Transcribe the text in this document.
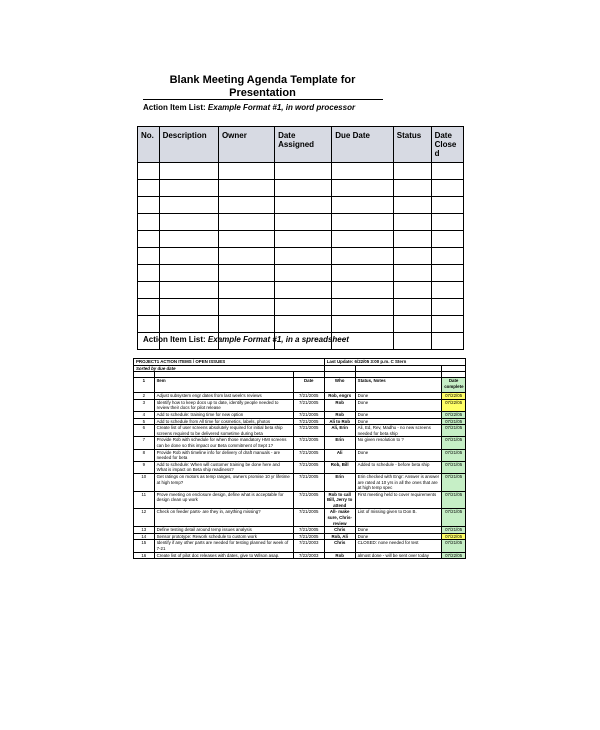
Blank Meeting Agenda Template for
Presentation
Action Item List: Example Format #1, in word processor
No.	Description	Owner	Date Assigned	Due Date	Status	Date Close d

Action Item List: Example Format #1, in a spreadsheet
PROJECT1 ACTION ITEMS / OPEN ISSUES			Last Update: 6/22/05 3:00 p.m. C Stern		
Sorted by due date					

1	Item	Date	Who	Status, Notes	Date complete
2	Adjust subsystem engr dates from last week's reviews	7/21/2005	Rob, engrs	Done	07/22/05
3	Identify how to keep docs up to date, identify people needed to review their docs for pilot release	7/21/2005	Rob	Done	07/22/05
4	Add to schedule: training time for new option	7/21/2005	Rob	Done	07/22/05
5	Add to schedule from All time for cosmetics, labels, photos	7/21/2005	Ali to Rob	Done	07/21/05
6	Create list of user screens absolutely required for initial beta ship screens required to be delivered sometime during beta	7/21/2005	Ali, Erin	Ali, Ed, Rev, Madhu - no new screens needed for beta ship	07/21/05
7	Provide Rob with schedule for when those mandatory HMI screens can be done so this impact our Beta commitment of Sept 1?	7/21/2005	Erin	No given resolution to ?	07/21/05
8	Provide Rob with timeline info for delivery of draft manuals - are needed for beta	7/21/2005	Ali	Done	07/21/05
9	Add to schedule: When will customer training be done here and What is impact on Beta ship readiness?	7/21/2005	Rob, Bill	Added to schedule - before beta ship	07/21/05
10	Get ratings on motors as temp ranges, owners promise 10 yr lifetime at high temp?	7/21/2005	Erin	Erin checked with Engr: Answer is answer are rated at 10 yrs in all the ones that are at high temp spec	07/21/05
11	Prove meeting on enclosure design, define what is acceptable for design clean up work	7/21/2005	Rob to call Bill, Jerry to attend	First meeting held to cover requirements	07/21/05
12	Check on feeder parts- are they in, anything missing?	7/21/2005	All- make sure, Chris- review	List of missing given to Don B.	07/21/05
13	Define testing detail around temp issues analysis	7/21/2005	Chris	Done	07/21/05
14	Sensor prototype: Rework schedule to custom work	7/21/2005	Rob, Ali	Done	07/22/05
15	Identify if any other parts are needed for testing planned for week of 7-21	7/21/2003	Chris	CLOSED: none needed for test	07/21/05
16	Create list of pilot doc releases with dates, give to Wilson asap.	7/22/2003	Rob	almost done - will be sent over today	07/22/05
